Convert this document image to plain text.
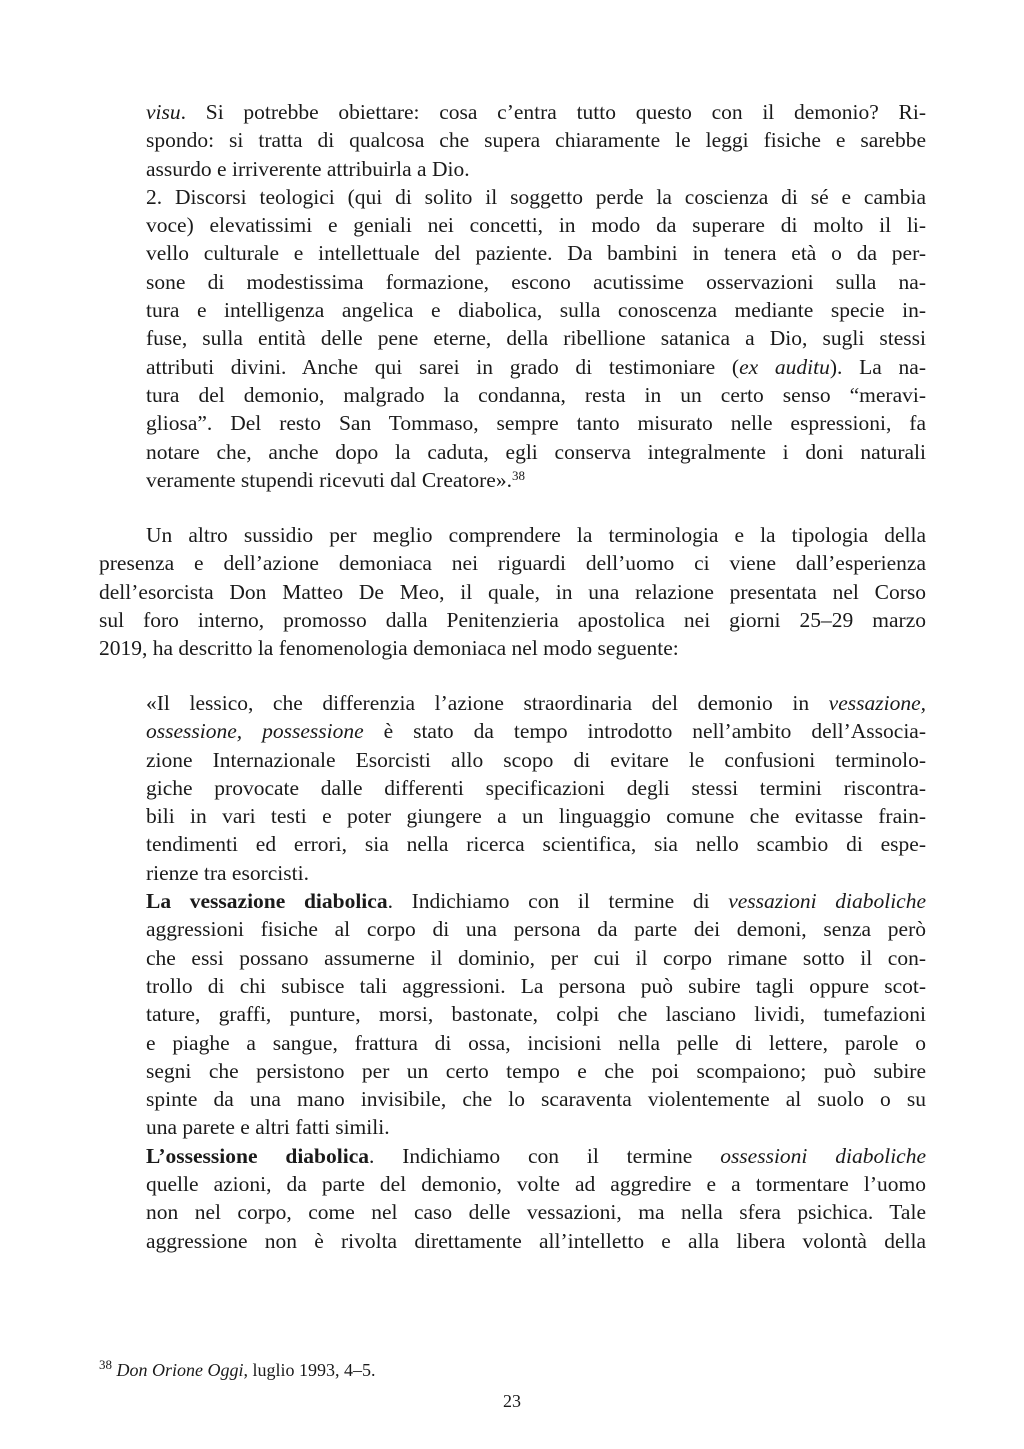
visu. Si potrebbe obiettare: cosa c’entra tutto questo con il demonio? Ri-
spondo: si tratta di qualcosa che supera chiaramente le leggi fisiche e sarebbe
assurdo e irriverente attribuirla a Dio.
2. Discorsi teologici (qui di solito il soggetto perde la coscienza di sé e cambia
voce) elevatissimi e geniali nei concetti, in modo da superare di molto il li-
vello culturale e intellettuale del paziente. Da bambini in tenera età o da per-
sone di modestissima formazione, escono acutissime osservazioni sulla na-
tura e intelligenza angelica e diabolica, sulla conoscenza mediante specie in-
fuse, sulla entità delle pene eterne, della ribellione satanica a Dio, sugli stessi
attributi divini. Anche qui sarei in grado di testimoniare (ex auditu). La na-
tura del demonio, malgrado la condanna, resta in un certo senso “meravi-
gliosa”. Del resto San Tommaso, sempre tanto misurato nelle espressioni, fa
notare che, anche dopo la caduta, egli conserva integralmente i doni naturali
veramente stupendi ricevuti dal Creatore».$^{38}$
Un altro sussidio per meglio comprendere la terminologia e la tipologia della
presenza e dell’azione demoniaca nei riguardi dell’uomo ci viene dall’esperienza
dell’esorcista Don Matteo De Meo, il quale, in una relazione presentata nel Corso
sul foro interno, promosso dalla Penitenzieria apostolica nei giorni 25–29 marzo
2019, ha descritto la fenomenologia demoniaca nel modo seguente:
«Il lessico, che differenzia l’azione straordinaria del demonio in vessazione,
ossessione, possessione è stato da tempo introdotto nell’ambito dell’Associa-
zione Internazionale Esorcisti allo scopo di evitare le confusioni terminolo-
giche provocate dalle differenti specificazioni degli stessi termini riscontra-
bili in vari testi e poter giungere a un linguaggio comune che evitasse frain-
tendimenti ed errori, sia nella ricerca scientifica, sia nello scambio di espe-
rienze tra esorcisti.
La vessazione diabolica. Indichiamo con il termine di vessazioni diaboliche
aggressioni fisiche al corpo di una persona da parte dei demoni, senza però
che essi possano assumerne il dominio, per cui il corpo rimane sotto il con-
trollo di chi subisce tali aggressioni. La persona può subire tagli oppure scot-
tature, graffi, punture, morsi, bastonate, colpi che lasciano lividi, tumefazioni
e piaghe a sangue, frattura di ossa, incisioni nella pelle di lettere, parole o
segni che persistono per un certo tempo e che poi scompaiono; può subire
spinte da una mano invisibile, che lo scaraventa violentemente al suolo o su
una parete e altri fatti simili.
L’ossessione diabolica. Indichiamo con il termine ossessioni diaboliche
quelle azioni, da parte del demonio, volte ad aggredire e a tormentare l’uomo
non nel corpo, come nel caso delle vessazioni, ma nella sfera psichica. Tale
aggressione non è rivolta direttamente all’intelletto e alla libera volontà della
$^{38}$ Don Orione Oggi, luglio 1993, 4–5.
23
